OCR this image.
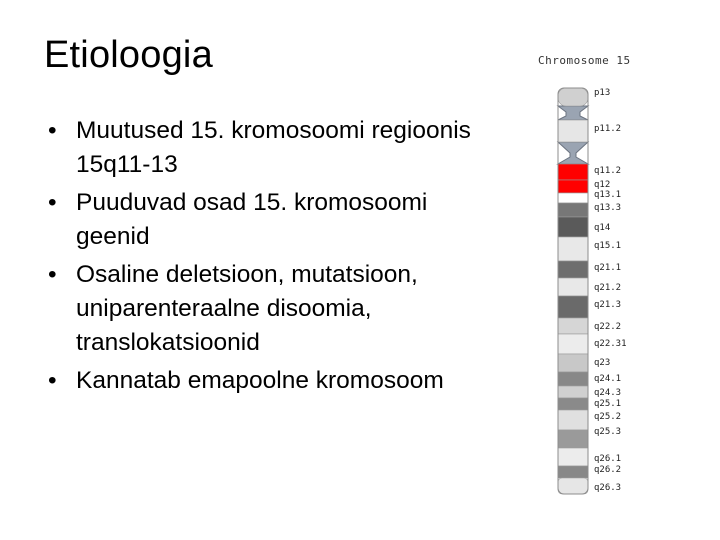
Etioloogia
• Muutused 15. kromosoomi regioonis 15q11-13
• Puuduvad osad 15. kromosoomi geenid
• Osaline deletsioon, mutatsioon, uniparenteraalne disoomia, translokatsioonid
• Kannatab emapoolne kromosoom
Chromosome 15
p13
p11.2
q11.2
q12
q13.1
q13.3
q14
q15.1
q21.1
q21.2
q21.3
q22.2
q22.31
q23
q24.1
q24.3
q25.1
q25.2
q25.3
q26.1
q26.2
q26.3
